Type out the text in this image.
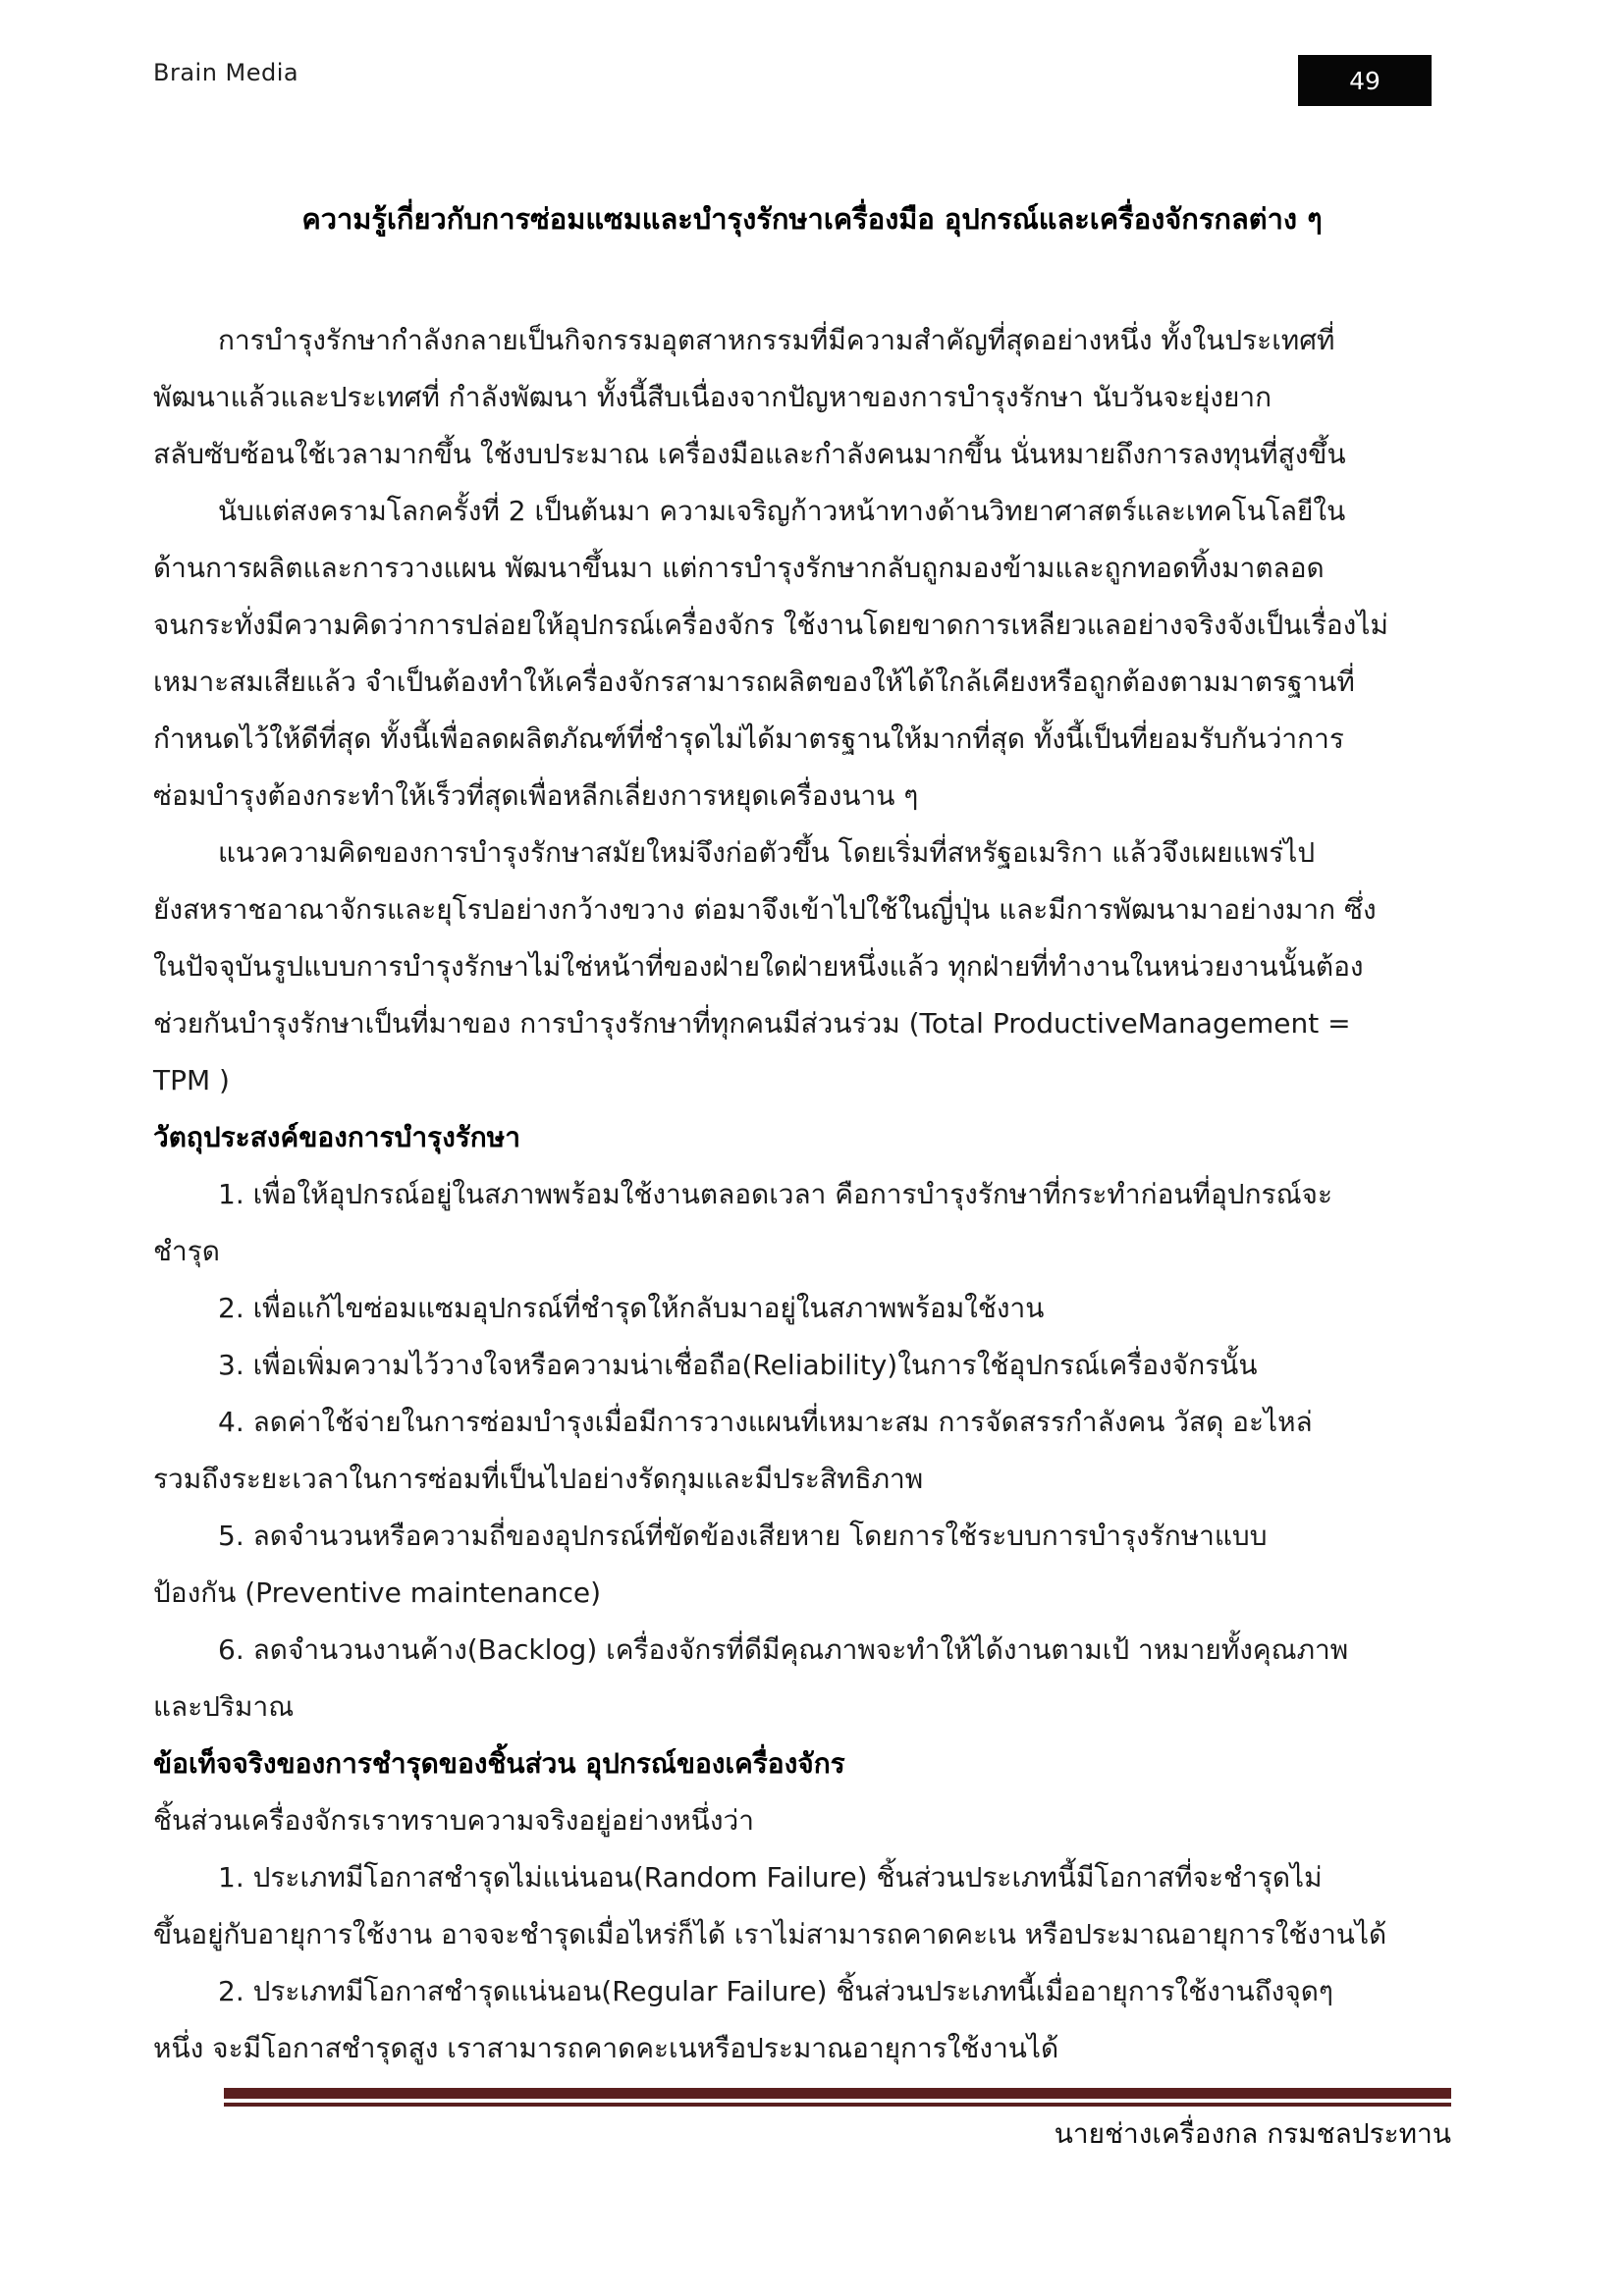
Brain Media	49
ความรู้เกี่ยวกับการซ่อมแซมและบำรุงรักษาเครื่องมือ อุปกรณ์และเครื่องจักรกลต่าง ๆ
การบำรุงรักษากำลังกลายเป็นกิจกรรมอุตสาหกรรมที่มีความสำคัญที่สุดอย่างหนึ่ง ทั้งในประเทศที่
พัฒนาแล้วและประเทศที่ กำลังพัฒนา ทั้งนี้สืบเนื่องจากปัญหาของการบำรุงรักษา นับวันจะยุ่งยาก
สลับซับซ้อนใช้เวลามากขึ้น ใช้งบประมาณ เครื่องมือและกำลังคนมากขึ้น นั่นหมายถึงการลงทุนที่สูงขึ้น
นับแต่สงครามโลกครั้งที่ 2 เป็นต้นมา ความเจริญก้าวหน้าทางด้านวิทยาศาสตร์และเทคโนโลยีใน
ด้านการผลิตและการวางแผน พัฒนาขึ้นมา แต่การบำรุงรักษากลับถูกมองข้ามและถูกทอดทิ้งมาตลอด
จนกระทั่งมีความคิดว่าการปล่อยให้อุปกรณ์เครื่องจักร ใช้งานโดยขาดการเหลียวแลอย่างจริงจังเป็นเรื่องไม่
เหมาะสมเสียแล้ว จำเป็นต้องทำให้เครื่องจักรสามารถผลิตของให้ได้ใกล้เคียงหรือถูกต้องตามมาตรฐานที่
กำหนดไว้ให้ดีที่สุด ทั้งนี้เพื่อลดผลิตภัณฑ์ที่ชำรุดไม่ได้มาตรฐานให้มากที่สุด ทั้งนี้เป็นที่ยอมรับกันว่าการ
ซ่อมบำรุงต้องกระทำให้เร็วที่สุดเพื่อหลีกเลี่ยงการหยุดเครื่องนาน ๆ
แนวความคิดของการบำรุงรักษาสมัยใหม่จึงก่อตัวขึ้น โดยเริ่มที่สหรัฐอเมริกา แล้วจึงเผยแพร่ไป
ยังสหราชอาณาจักรและยุโรปอย่างกว้างขวาง ต่อมาจึงเข้าไปใช้ในญี่ปุ่น และมีการพัฒนามาอย่างมาก ซึ่ง
ในปัจจุบันรูปแบบการบำรุงรักษาไม่ใช่หน้าที่ของฝ่ายใดฝ่ายหนึ่งแล้ว ทุกฝ่ายที่ทำงานในหน่วยงานนั้นต้อง
ช่วยกันบำรุงรักษาเป็นที่มาของ การบำรุงรักษาที่ทุกคนมีส่วนร่วม (Total ProductiveManagement =
TPM )
วัตถุประสงค์ของการบำรุงรักษา
1. เพื่อให้อุปกรณ์อยู่ในสภาพพร้อมใช้งานตลอดเวลา คือการบำรุงรักษาที่กระทำก่อนที่อุปกรณ์จะ
ชำรุด
2. เพื่อแก้ไขซ่อมแซมอุปกรณ์ที่ชำรุดให้กลับมาอยู่ในสภาพพร้อมใช้งาน
3. เพื่อเพิ่มความไว้วางใจหรือความน่าเชื่อถือ(Reliability)ในการใช้อุปกรณ์เครื่องจักรนั้น
4. ลดค่าใช้จ่ายในการซ่อมบำรุงเมื่อมีการวางแผนที่เหมาะสม การจัดสรรกำลังคน วัสดุ อะไหล่
รวมถึงระยะเวลาในการซ่อมที่เป็นไปอย่างรัดกุมและมีประสิทธิภาพ
5. ลดจำนวนหรือความถี่ของอุปกรณ์ที่ขัดข้องเสียหาย โดยการใช้ระบบการบำรุงรักษาแบบ
ป้องกัน (Preventive maintenance)
6. ลดจำนวนงานค้าง(Backlog) เครื่องจักรที่ดีมีคุณภาพจะทำให้ได้งานตามเป้ าหมายทั้งคุณภาพ
และปริมาณ
ข้อเท็จจริงของการชำรุดของชิ้นส่วน อุปกรณ์ของเครื่องจักร
ชิ้นส่วนเครื่องจักรเราทราบความจริงอยู่อย่างหนึ่งว่า
1. ประเภทมีโอกาสชำรุดไม่แน่นอน(Random Failure) ชิ้นส่วนประเภทนี้มีโอกาสที่จะชำรุดไม่
ขึ้นอยู่กับอายุการใช้งาน อาจจะชำรุดเมื่อไหร่ก็ได้ เราไม่สามารถคาดคะเน หรือประมาณอายุการใช้งานได้
2. ประเภทมีโอกาสชำรุดแน่นอน(Regular Failure) ชิ้นส่วนประเภทนี้เมื่ออายุการใช้งานถึงจุดๆ
หนึ่ง จะมีโอกาสชำรุดสูง เราสามารถคาดคะเนหรือประมาณอายุการใช้งานได้
นายช่างเครื่องกล กรมชลประทาน
